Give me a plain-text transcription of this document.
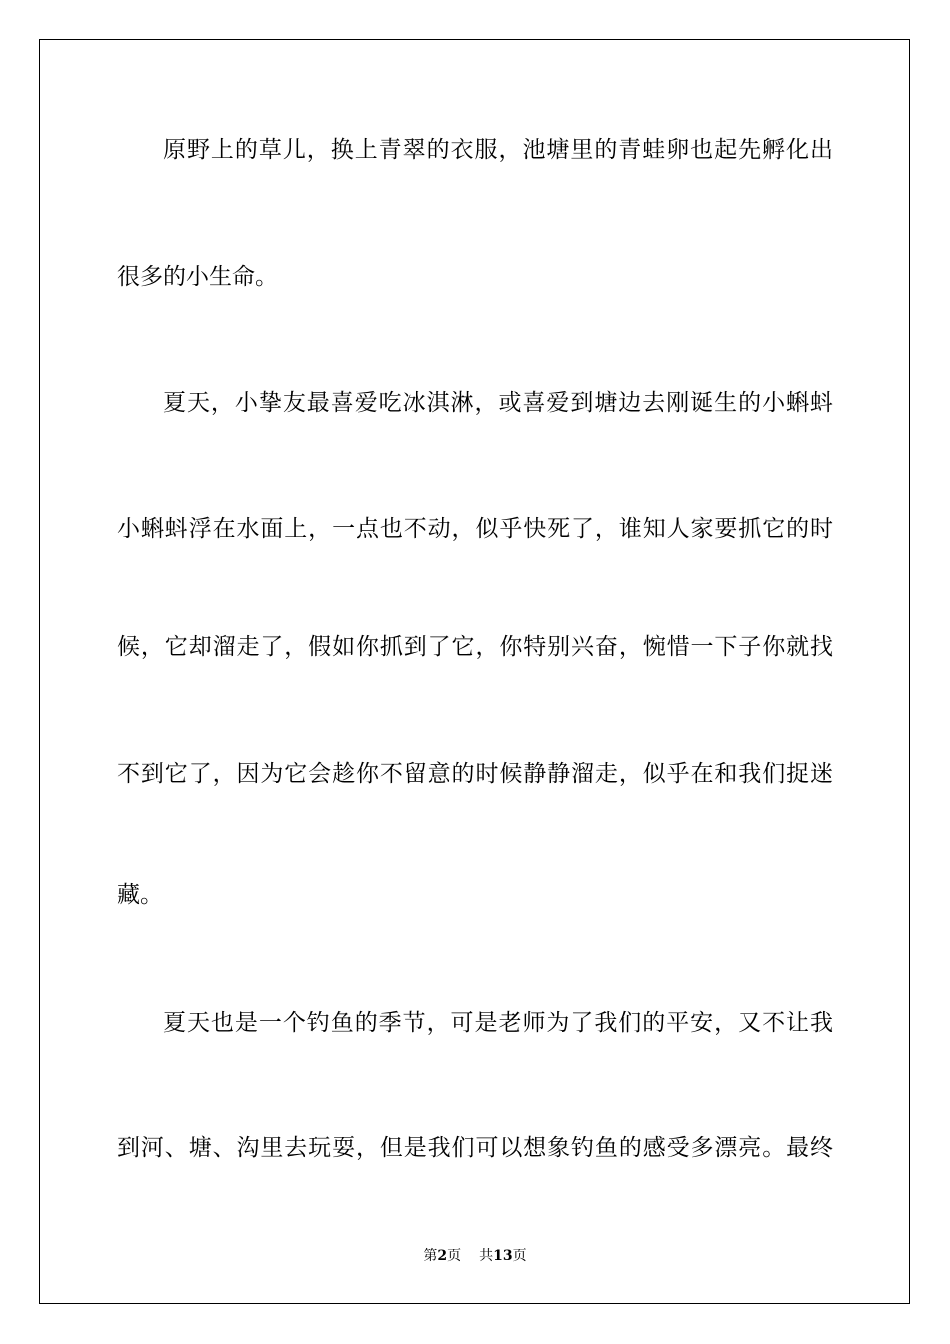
原野上的草儿，换上青翠的衣服，池塘里的青蛙卵也起先孵化出
很多的小生命。
夏天，小挚友最喜爱吃冰淇淋，或喜爱到塘边去刚诞生的小蝌蚪
小蝌蚪浮在水面上，一点也不动，似乎快死了，谁知人家要抓它的时
候，它却溜走了，假如你抓到了它，你特别兴奋，惋惜一下子你就找
不到它了，因为它会趁你不留意的时候静静溜走，似乎在和我们捉迷
藏。
夏天也是一个钓鱼的季节，可是老师为了我们的平安，又不让我
到河、塘、沟里去玩耍，但是我们可以想象钓鱼的感受多漂亮。最终
第2页 共13页
